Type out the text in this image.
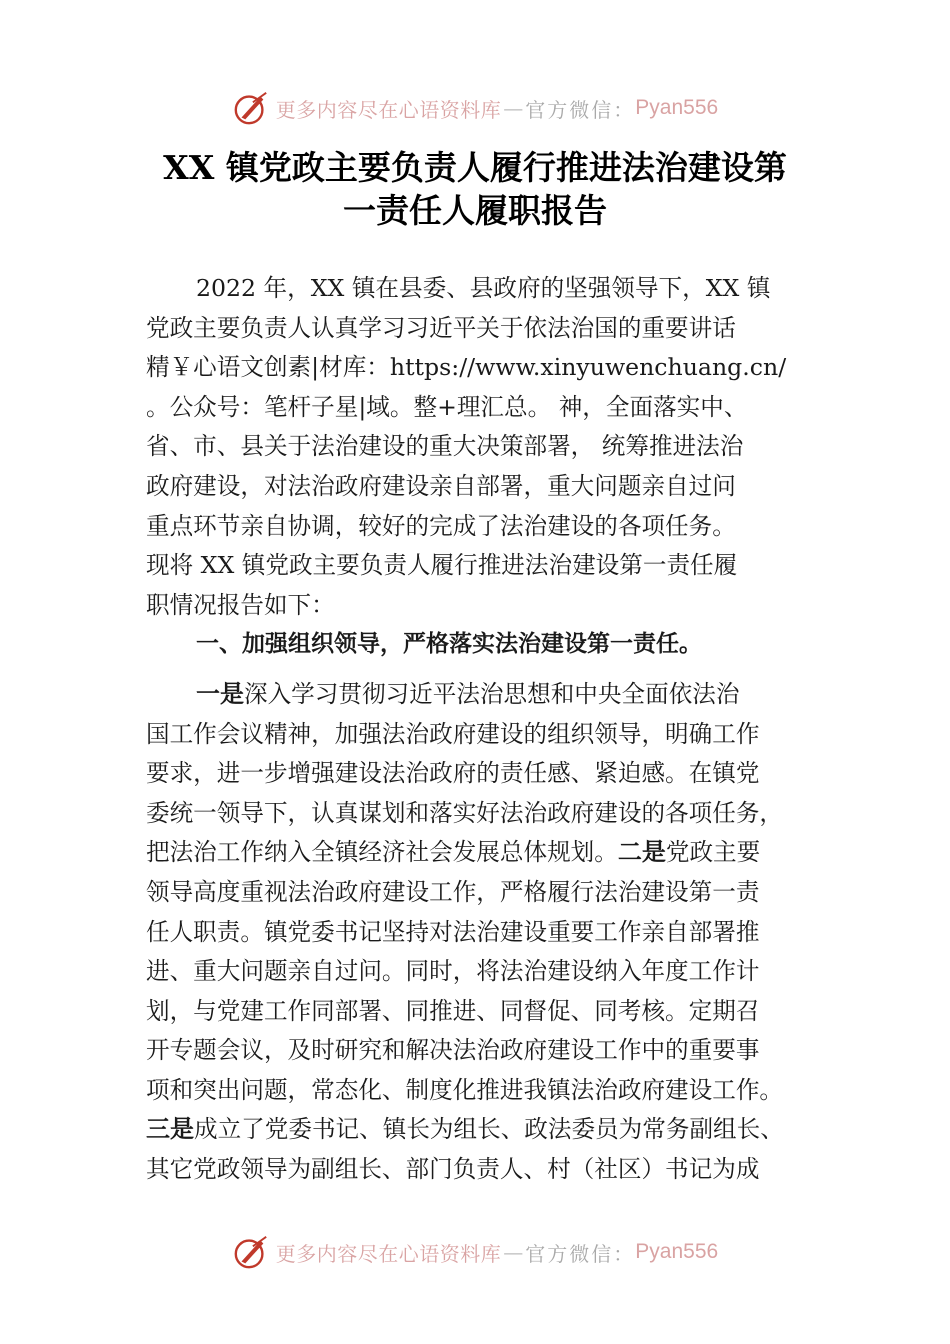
更多内容尽在心语资料库 — 官方微信： Pyan556
XX 镇党政主要负责人履行推进法治建设第
一责任人履职报告
2022 年，XX 镇在县委、县政府的坚强领导下，XX 镇
党政主要负责人认真学习习近平关于依法治国的重要讲话
精￥心语文创素|材库：https://www.xinyuwenchuang.cn/
。公众号：笔杆子星|域。整+理汇总。 神，全面落实中、
省、市、县关于法治建设的重大决策部署， 统筹推进法治
政府建设，对法治政府建设亲自部署，重大问题亲自过问
重点环节亲自协调，较好的完成了法治建设的各项任务。
现将 XX 镇党政主要负责人履行推进法治建设第一责任履
职情况报告如下：
一、加强组织领导，严格落实法治建设第一责任。
一是深入学习贯彻习近平法治思想和中央全面依法治
国工作会议精神，加强法治政府建设的组织领导，明确工作
要求，进一步增强建设法治政府的责任感、紧迫感。在镇党
委统一领导下，认真谋划和落实好法治政府建设的各项任务，
把法治工作纳入全镇经济社会发展总体规划。二是党政主要
领导高度重视法治政府建设工作，严格履行法治建设第一责
任人职责。镇党委书记坚持对法治建设重要工作亲自部署推
进、重大问题亲自过问。同时，将法治建设纳入年度工作计
划，与党建工作同部署、同推进、同督促、同考核。定期召
开专题会议，及时研究和解决法治政府建设工作中的重要事
项和突出问题，常态化、制度化推进我镇法治政府建设工作。
三是成立了党委书记、镇长为组长、政法委员为常务副组长、
其它党政领导为副组长、部门负责人、村（社区）书记为成
更多内容尽在心语资料库 — 官方微信： Pyan556
